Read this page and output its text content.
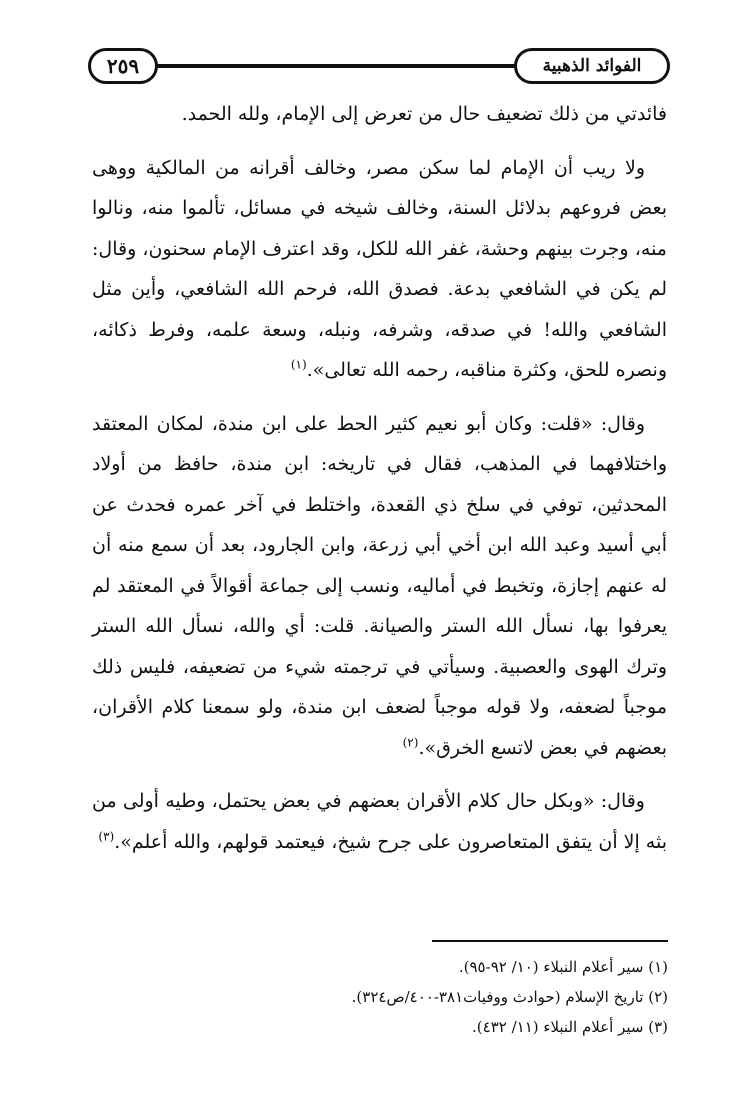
٢٥٩	الفوائد الذهبية

فائدتي من ذلك تضعيف حال من تعرض إلى الإمام، ولله الحمد.

ولا ريب أن الإمام لما سكن مصر، وخالف أقرانه من المالكية ووهى بعض فروعهم بدلائل السنة، وخالف شيخه في مسائل، تألموا منه، ونالوا منه، وجرت بينهم وحشة، غفر الله للكل، وقد اعترف الإمام سحنون، وقال: لم يكن في الشافعي بدعة. فصدق الله، فرحم الله الشافعي، وأين مثل الشافعي والله! في صدقه، وشرفه، ونبله، وسعة علمه، وفرط ذكائه، ونصره للحق، وكثرة مناقبه، رحمه الله تعالى».$^{(١)}$

وقال: «قلت: وكان أبو نعيم كثير الحط على ابن مندة، لمكان المعتقد واختلافهما في المذهب، فقال في تاريخه: ابن مندة، حافظ من أولاد المحدثين، توفي في سلخ ذي القعدة، واختلط في آخر عمره فحدث عن أبي أسيد وعبد الله ابن أخي أبي زرعة، وابن الجارود، بعد أن سمع منه أن له عنهم إجازة، وتخبط في أماليه، ونسب إلى جماعة أقوالاً في المعتقد لم يعرفوا بها، نسأل الله الستر والصيانة. قلت: أي والله، نسأل الله الستر وترك الهوى والعصبية. وسيأتي في ترجمته شيء من تضعيفه، فليس ذلك موجباً لضعفه، ولا قوله موجباً لضعف ابن مندة، ولو سمعنا كلام الأقران، بعضهم في بعض لاتسع الخرق».$^{(٢)}$

وقال: «وبكل حال كلام الأقران بعضهم في بعض يحتمل، وطيه أولى من بثه إلا أن يتفق المتعاصرون على جرح شيخ، فيعتمد قولهم، والله أعلم».$^{(٣)}$

(١) سير أعلام النبلاء (١٠/ ٩٢-٩٥).
(٢) تاريخ الإسلام (حوادث ووفيات٣٨١-٤٠٠/ص٣٢٤).
(٣) سير أعلام النبلاء (١١/ ٤٣٢).
